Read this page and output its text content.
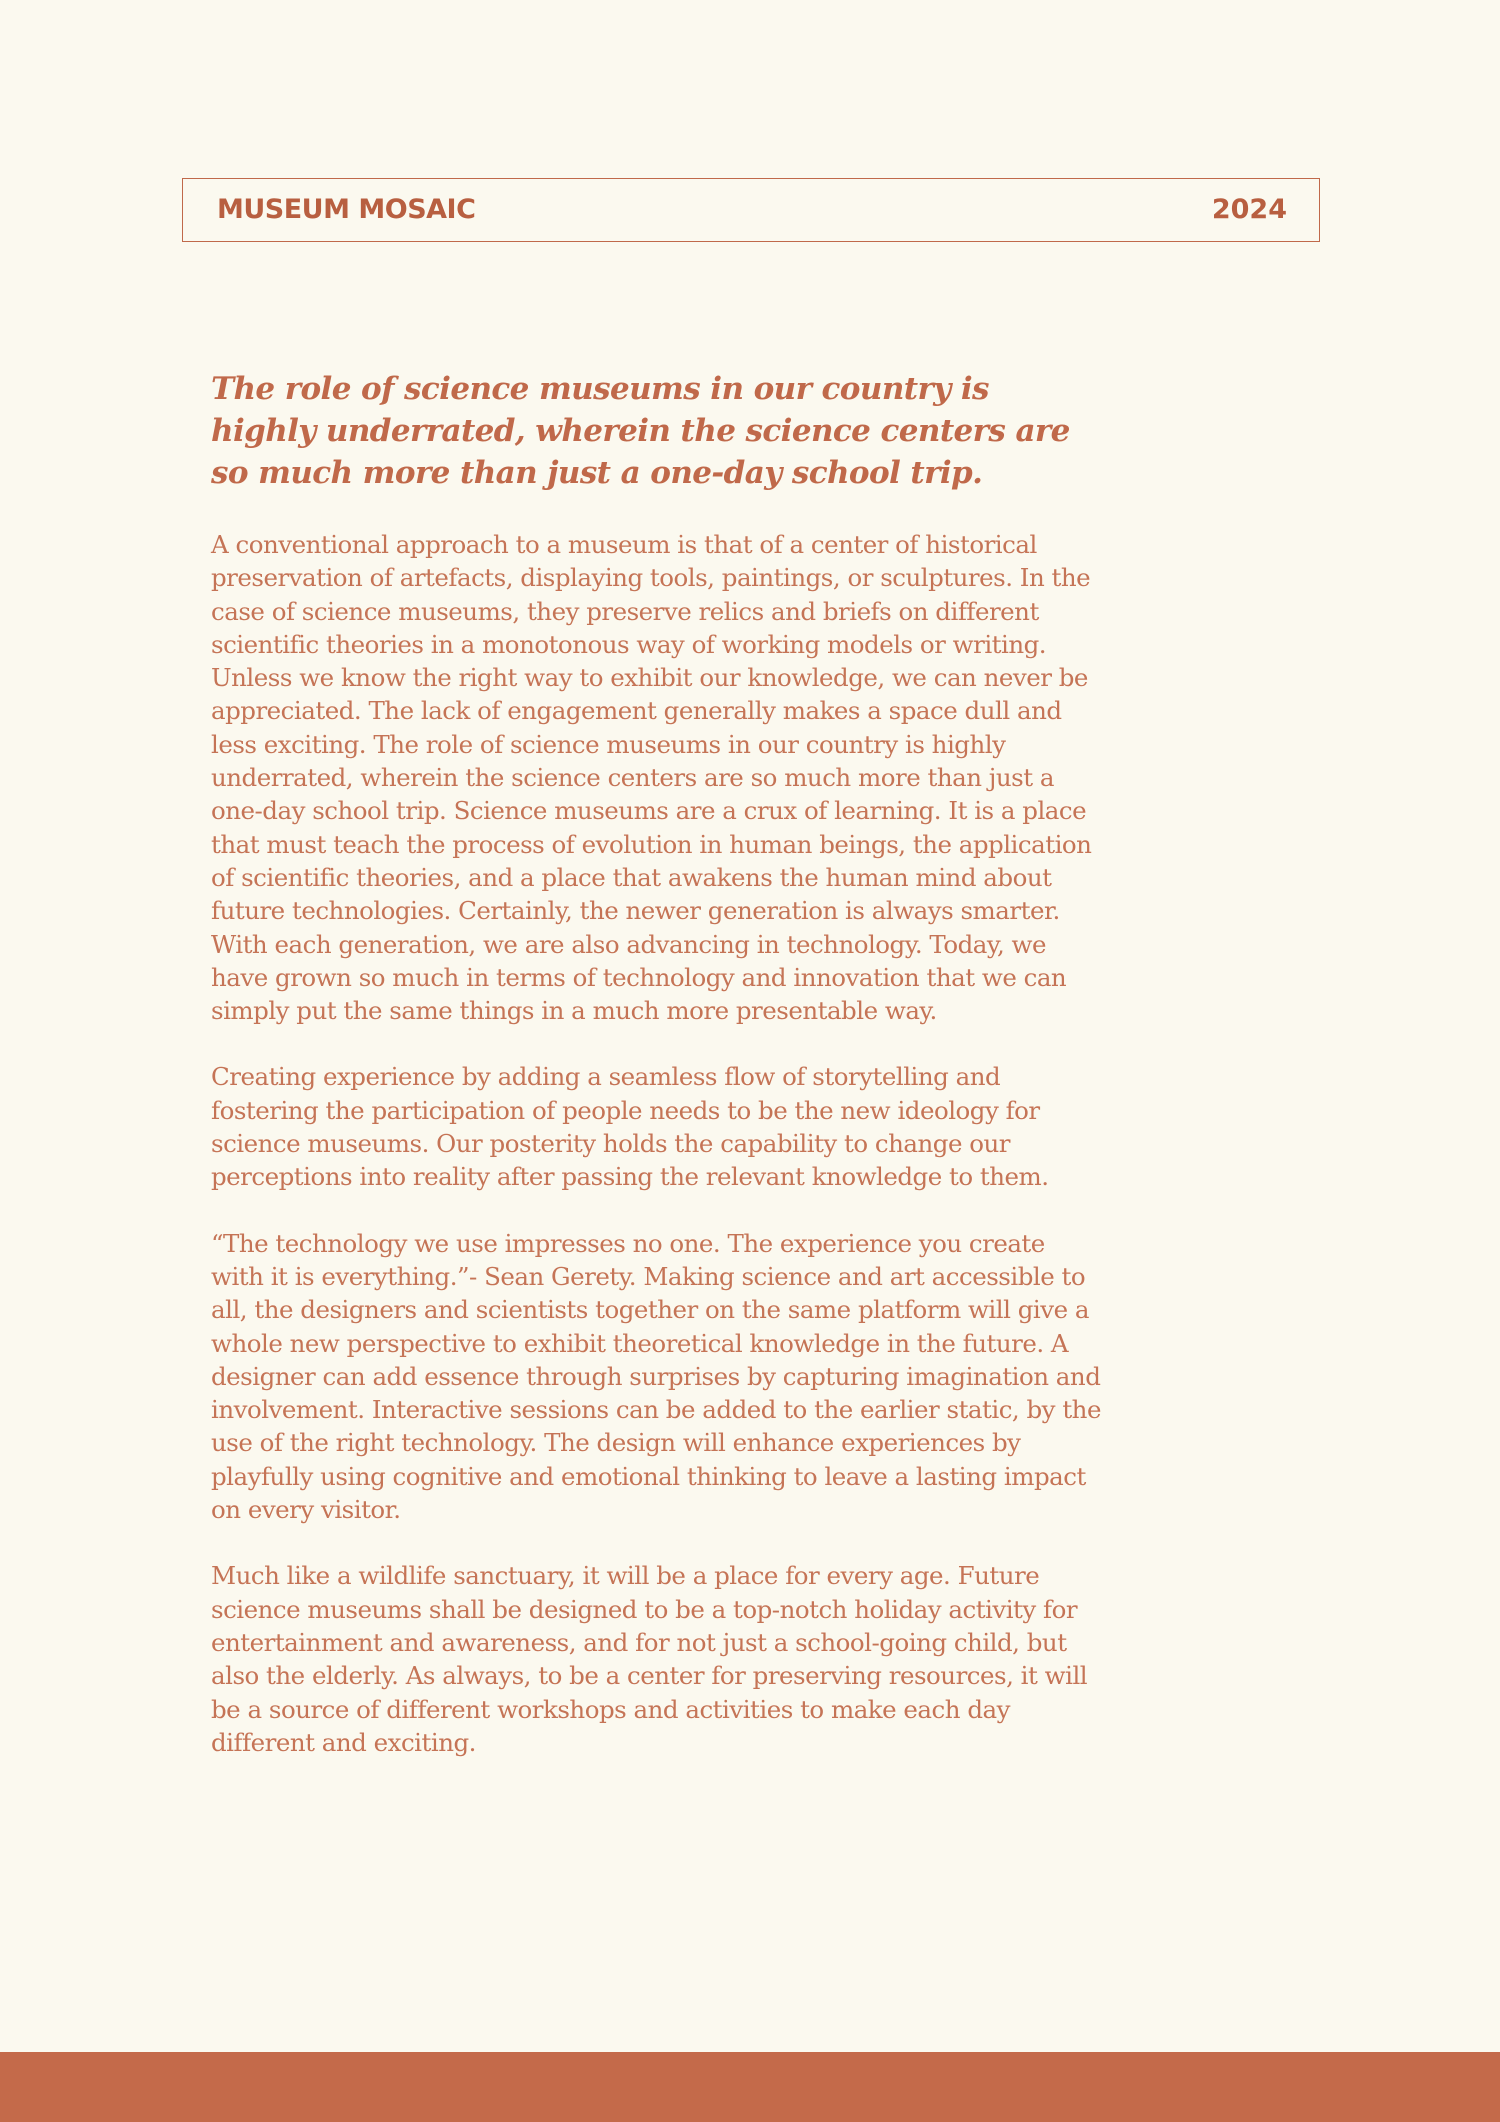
MUSEUM MOSAIC	2024
The role of science museums in our country is highly underrated, wherein the science centers are so much more than just a one-day school trip.

A conventional approach to a museum is that of a center of historical preservation of artefacts, displaying tools, paintings, or sculptures. In the case of science museums, they preserve relics and briefs on different scientific theories in a monotonous way of working models or writing. Unless we know the right way to exhibit our knowledge, we can never be appreciated. The lack of engagement generally makes a space dull and less exciting. The role of science museums in our country is highly underrated, wherein the science centers are so much more than just a one-day school trip. Science museums are a crux of learning. It is a place that must teach the process of evolution in human beings, the application of scientific theories, and a place that awakens the human mind about future technologies. Certainly, the newer generation is always smarter. With each generation, we are also advancing in technology. Today, we have grown so much in terms of technology and innovation that we can simply put the same things in a much more presentable way.

Creating experience by adding a seamless flow of storytelling and fostering the participation of people needs to be the new ideology for science museums. Our posterity holds the capability to change our perceptions into reality after passing the relevant knowledge to them.

“The technology we use impresses no one. The experience you create with it is everything.”- Sean Gerety. Making science and art accessible to all, the designers and scientists together on the same platform will give a whole new perspective to exhibit theoretical knowledge in the future. A designer can add essence through surprises by capturing imagination and involvement. Interactive sessions can be added to the earlier static, by the use of the right technology. The design will enhance experiences by playfully using cognitive and emotional thinking to leave a lasting impact on every visitor.

Much like a wildlife sanctuary, it will be a place for every age. Future science museums shall be designed to be a top-notch holiday activity for entertainment and awareness, and for not just a school-going child, but also the elderly. As always, to be a center for preserving resources, it will be a source of different workshops and activities to make each day different and exciting.
